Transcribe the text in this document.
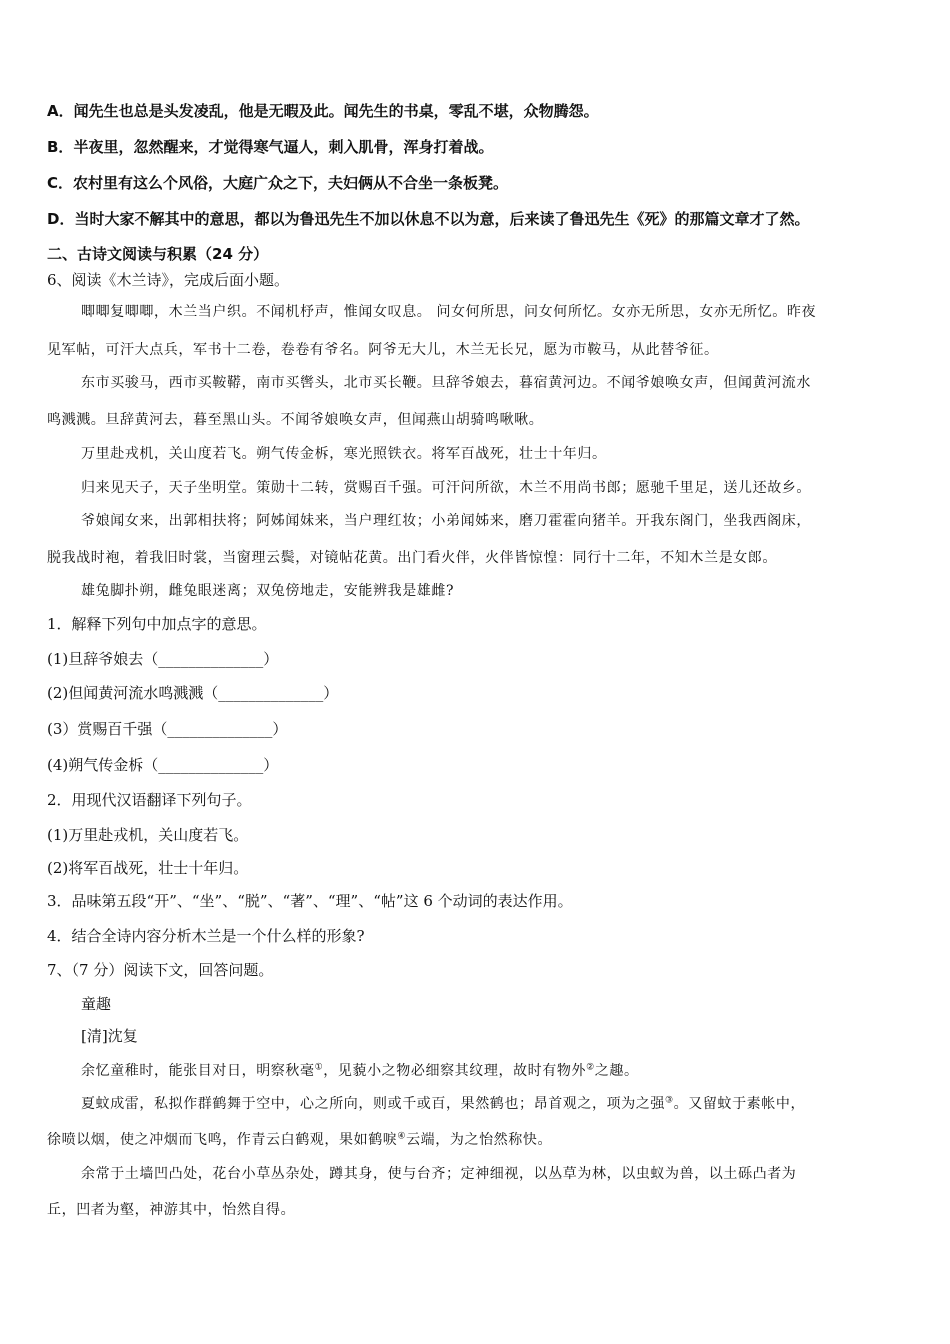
A．闻先生也总是头发凌乱，他是无暇及此。闻先生的书桌，零乱不堪，众物腾怨。
B．半夜里，忽然醒来，才觉得寒气逼人，刺入肌骨，浑身打着战。
C．农村里有这么个风俗，大庭广众之下，夫妇俩从不合坐一条板凳。
D．当时大家不解其中的意思，都以为鲁迅先生不加以休息不以为意，后来读了鲁迅先生《死》的那篇文章才了然。
二、古诗文阅读与积累（24 分）
6、阅读《木兰诗》，完成后面小题。
唧唧复唧唧，木兰当户织。不闻机杼声，惟闻女叹息。 问女何所思，问女何所忆。女亦无所思，女亦无所忆。昨夜
见军帖，可汗大点兵，军书十二卷，卷卷有爷名。阿爷无大儿，木兰无长兄，愿为市鞍马，从此替爷征。
东市买骏马，西市买鞍鞯，南市买辔头，北市买长鞭。旦辞爷娘去，暮宿黄河边。不闻爷娘唤女声，但闻黄河流水
鸣溅溅。旦辞黄河去，暮至黑山头。不闻爷娘唤女声，但闻燕山胡骑鸣啾啾。
万里赴戎机，关山度若飞。朔气传金柝，寒光照铁衣。将军百战死，壮士十年归。
归来见天子，天子坐明堂。策勋十二转，赏赐百千强。可汗问所欲，木兰不用尚书郎；愿驰千里足，送儿还故乡。
爷娘闻女来，出郭相扶将；阿姊闻妹来，当户理红妆；小弟闻姊来，磨刀霍霍向猪羊。开我东阁门，坐我西阁床，
脱我战时袍，着我旧时裳，当窗理云鬓，对镜帖花黄。出门看火伴，火伴皆惊惶：同行十二年，不知木兰是女郎。
雄兔脚扑朔，雌兔眼迷离；双兔傍地走，安能辨我是雄雌?
1．解释下列句中加点字的意思。
(1)旦辞爷娘去（______________）
(2)但闻黄河流水鸣溅溅（______________）
(3）赏赐百千强（______________）
(4)朔气传金柝（______________）
2．用现代汉语翻译下列句子。
(1)万里赴戎机，关山度若飞。
(2)将军百战死，壮士十年归。
3．品味第五段“开”、“坐”、“脱”、“著”、“理”、“帖”这 6 个动词的表达作用。
4．结合全诗内容分析木兰是一个什么样的形象?
7、（7 分）阅读下文，回答问题。
童趣
[清]沈复
余忆童稚时，能张目对日，明察秋毫①，见藐小之物必细察其纹理，故时有物外②之趣。
夏蚊成雷，私拟作群鹤舞于空中，心之所向，则或千或百，果然鹤也；昂首观之，项为之强③。又留蚊于素帐中，
徐喷以烟，使之冲烟而飞鸣，作青云白鹤观，果如鹤唳④云端，为之怡然称快。
余常于土墙凹凸处，花台小草丛杂处，蹲其身，使与台齐；定神细视，以丛草为林，以虫蚁为兽，以土砾凸者为
丘，凹者为壑，神游其中，怡然自得。
